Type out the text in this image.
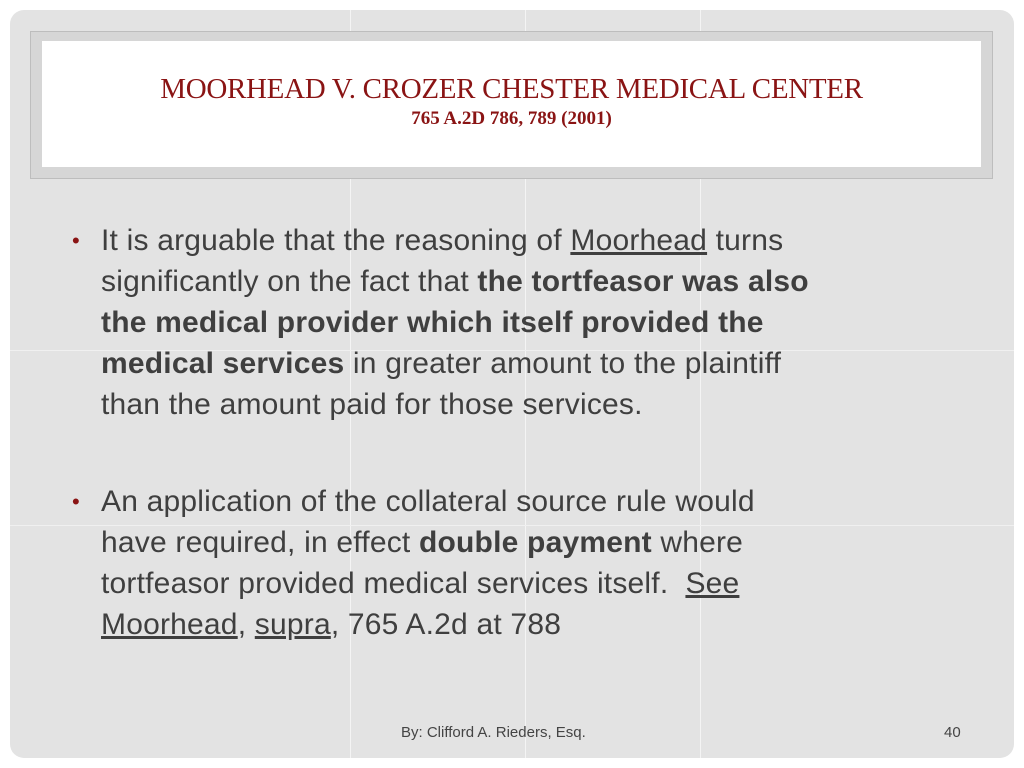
MOORHEAD V. CROZER CHESTER MEDICAL CENTER
765 A.2D 786, 789 (2001)
• It is arguable that the reasoning of Moorhead turns
significantly on the fact that the tortfeasor was also
the medical provider which itself provided the
medical services in greater amount to the plaintiff
than the amount paid for those services.
• An application of the collateral source rule would
have required, in effect double payment where
tortfeasor provided medical services itself.  See
Moorhead, supra, 765 A.2d at 788
By: Clifford A. Rieders, Esq.	40
